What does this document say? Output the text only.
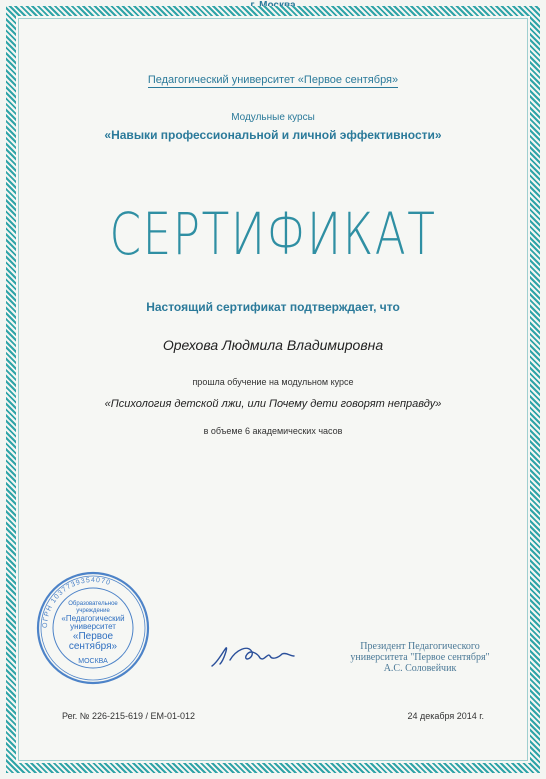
Педагогический университет «Первое сентября»
Модульные курсы
«Навыки профессиональной и личной эффективности»
СЕРТИФИКАТ
Настоящий сертификат подтверждает, что
Орехова Людмила Владимировна
прошла обучение на модульном курсе
«Психология детской лжи, или Почему дети говорят неправду»
в объеме 6 академических часов
ОГРН 1037739354070
Образовательное
учреждение
«Педагогический
университет
«Первое
сентября»
МОСКВА
Президент Педагогического
университета "Первое сентября"
А.С. Соловейчик
Рег. № 226-215-619 / ЕМ-01-012	24 декабря 2014 г.
